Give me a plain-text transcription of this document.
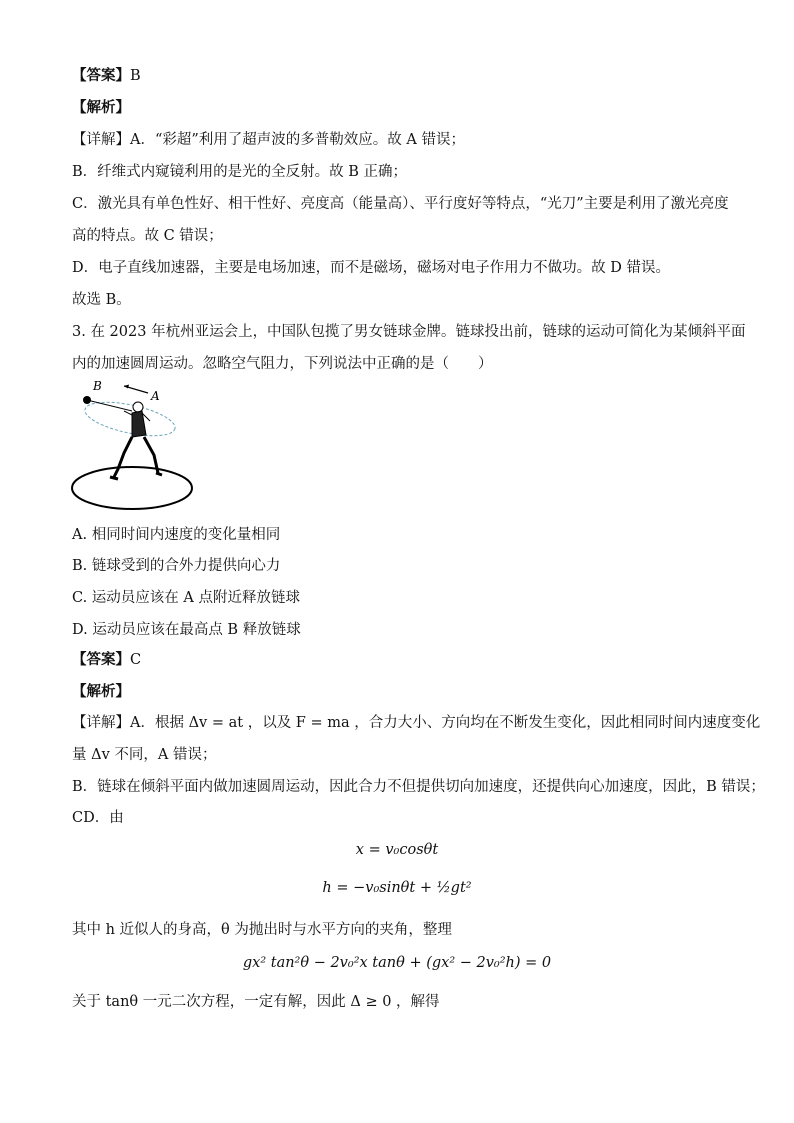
【答案】B
【解析】
【详解】A．“彩超”利用了超声波的多普勒效应。故 A 错误；
B．纤维式内窥镜利用的是光的全反射。故 B 正确；
C．激光具有单色性好、相干性好、亮度高（能量高）、平行度好等特点，“光刀”主要是利用了激光亮度
高的特点。故 C 错误；
D．电子直线加速器，主要是电场加速，而不是磁场，磁场对电子作用力不做功。故 D 错误。
故选 B。
3. 在 2023 年杭州亚运会上，中国队包揽了男女链球金牌。链球投出前，链球的运动可简化为某倾斜平面
内的加速圆周运动。忽略空气阻力，下列说法中正确的是（　　）
B
A
A. 相同时间内速度的变化量相同
B. 链球受到的合外力提供向心力
C. 运动员应该在 A 点附近释放链球
D. 运动员应该在最高点 B 释放链球
【答案】C
【解析】
【详解】A．根据 Δv = at ，以及 F = ma ，合力大小、方向均在不断发生变化，因此相同时间内速度变化
量 Δv 不同，A 错误；
B．链球在倾斜平面内做加速圆周运动，因此合力不但提供切向加速度，还提供向心加速度，因此，B 错误；
CD．由
x = v₀cosθt
h = −v₀sinθt + ½gt²
其中 h 近似人的身高，θ 为抛出时与水平方向的夹角，整理
gx² tan²θ − 2v₀²x tanθ + (gx² − 2v₀²h) = 0
关于 tanθ 一元二次方程，一定有解，因此 Δ ≥ 0 ，解得
